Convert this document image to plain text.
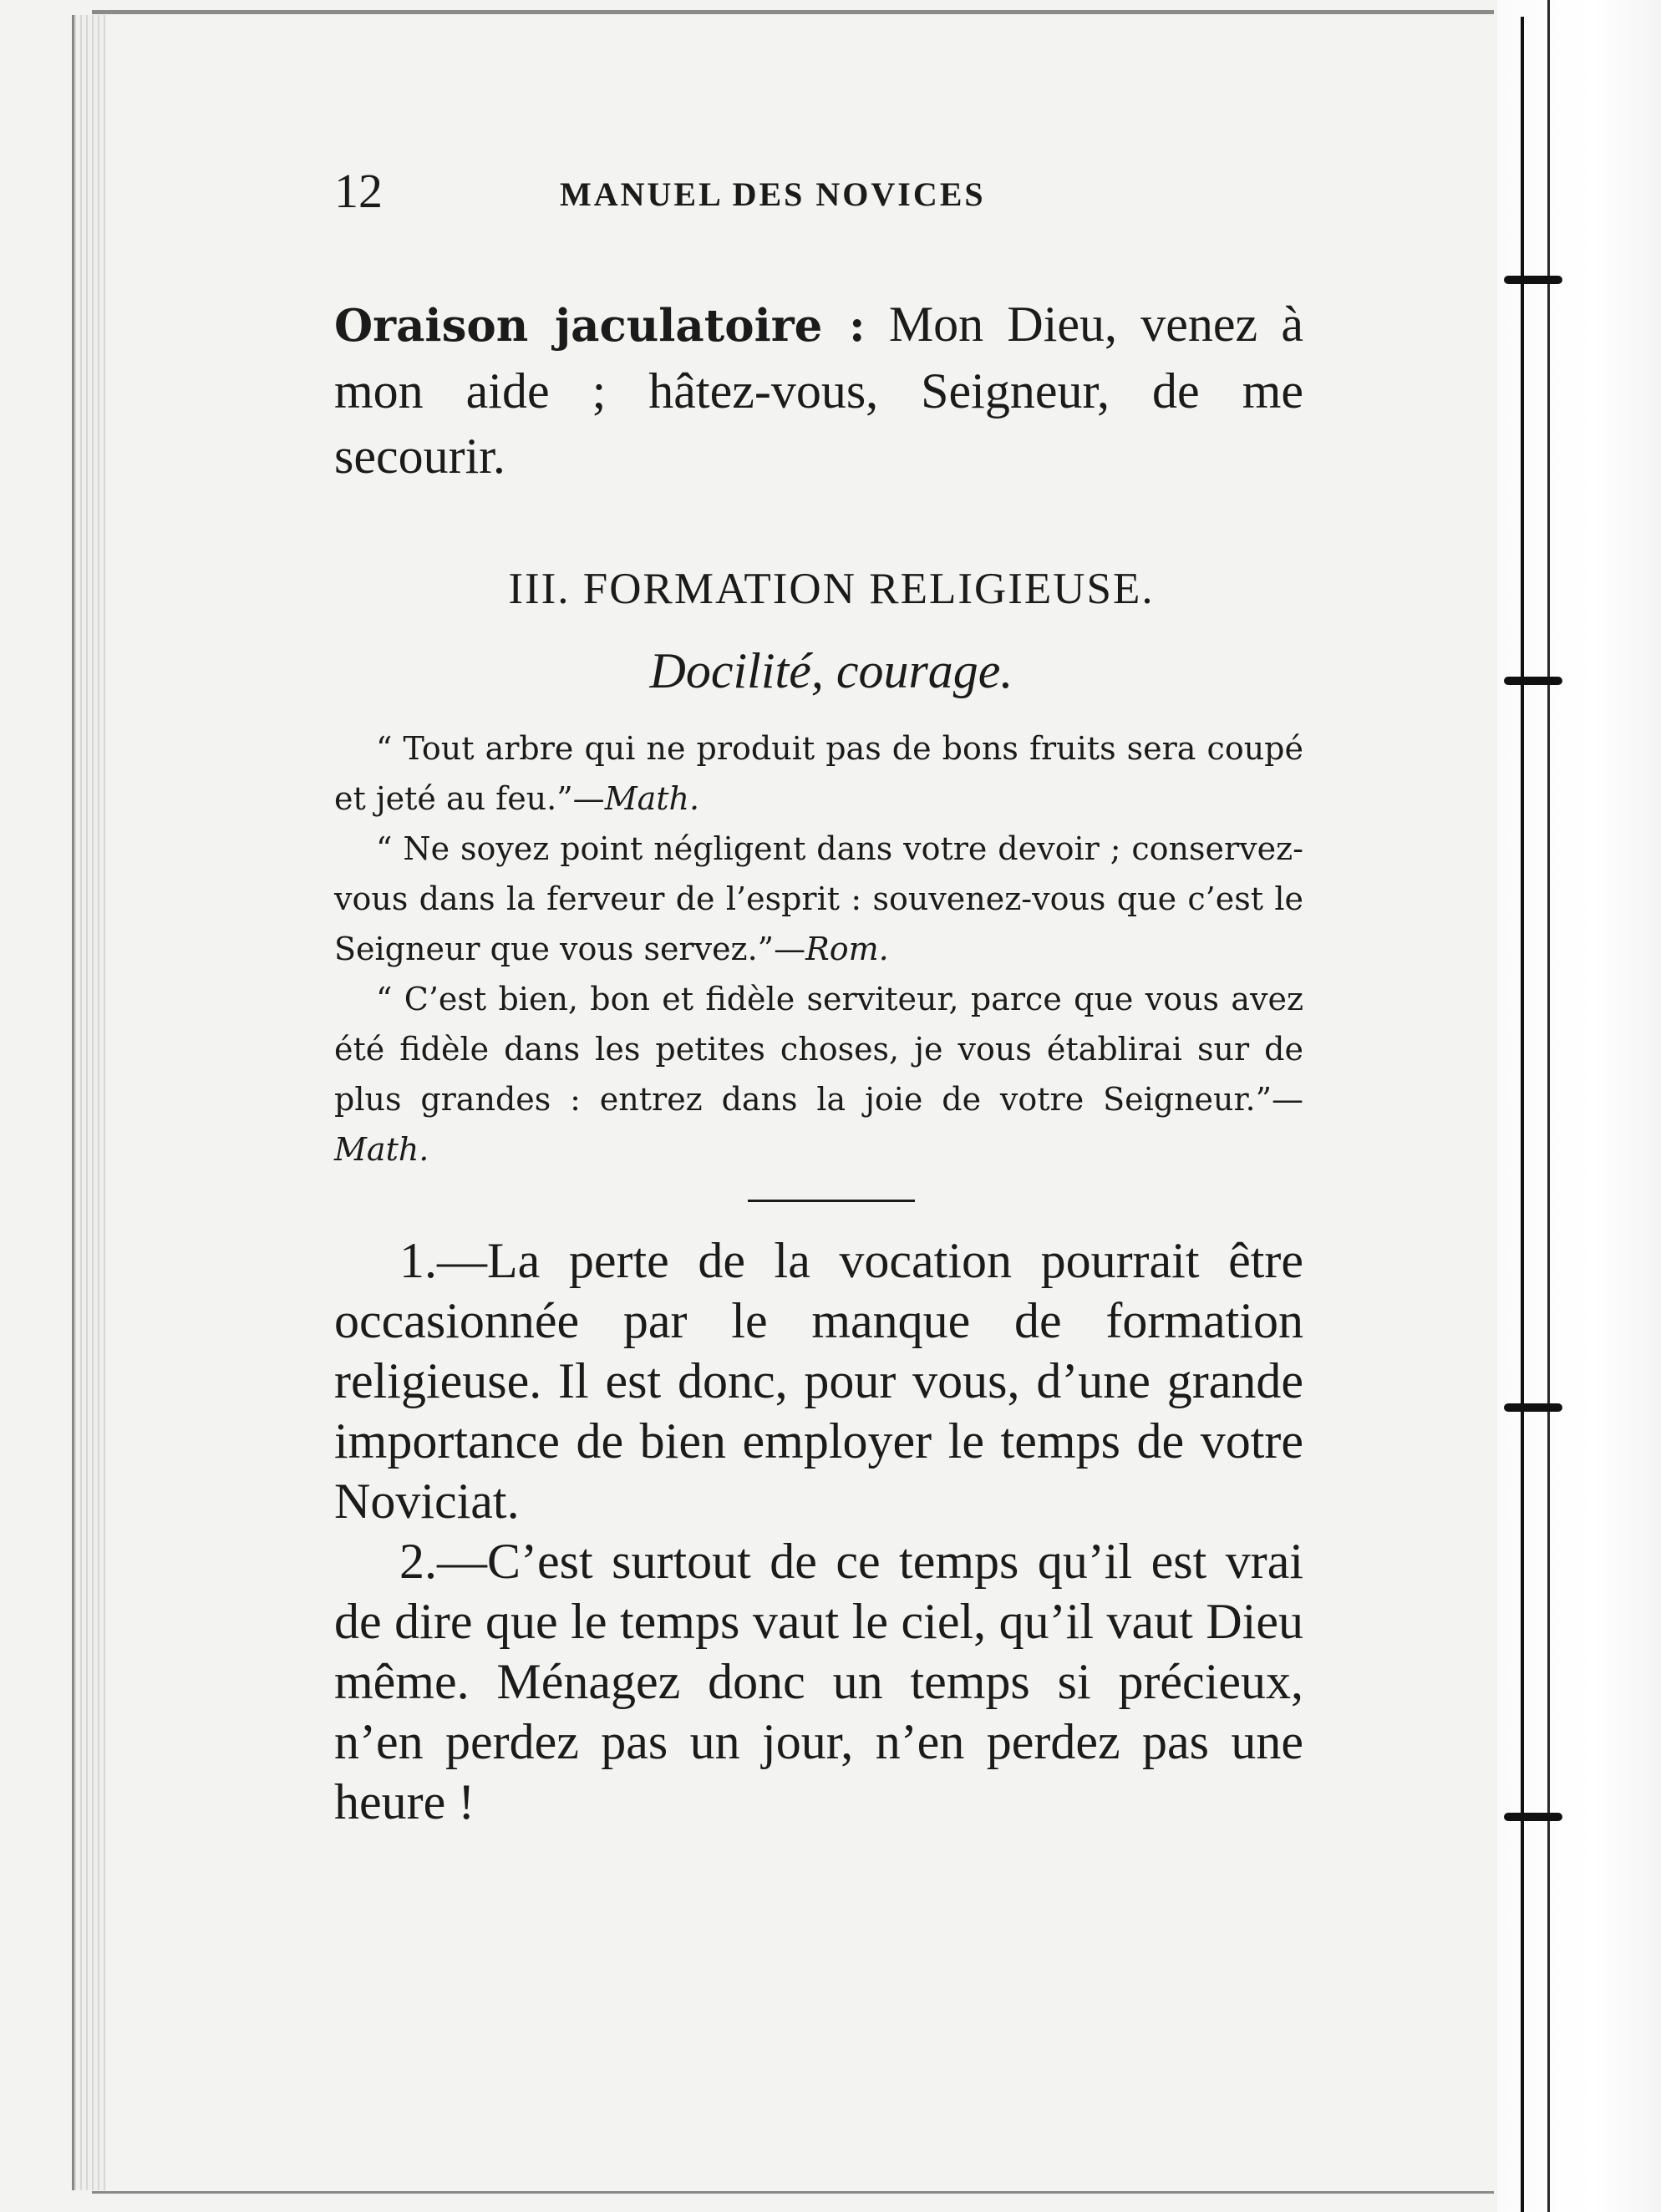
12	MANUEL DES NOVICES
Oraison jaculatoire : Mon Dieu, venez à mon aide ; hâtez-vous, Seigneur, de me secourir.
III. FORMATION RELIGIEUSE.
Docilité, courage.

“ Tout arbre qui ne produit pas de bons fruits sera coupé et jeté au feu.”—Math.

“ Ne soyez point négligent dans votre devoir ; conservez-vous dans la ferveur de l’esprit : souvenez-vous que c’est le Seigneur que vous servez.”—Rom.

“ C’est bien, bon et fidèle serviteur, parce que vous avez été fidèle dans les petites choses, je vous établirai sur de plus grandes : entrez dans la joie de votre Seigneur.”—Math.

1.—La perte de la vocation pourrait être occasionnée par le manque de formation religieuse. Il est donc, pour vous, d’une grande importance de bien employer le temps de votre Noviciat.

2.—C’est surtout de ce temps qu’il est vrai de dire que le temps vaut le ciel, qu’il vaut Dieu même. Ménagez donc un temps si précieux, n’en perdez pas un jour, n’en perdez pas une heure !
